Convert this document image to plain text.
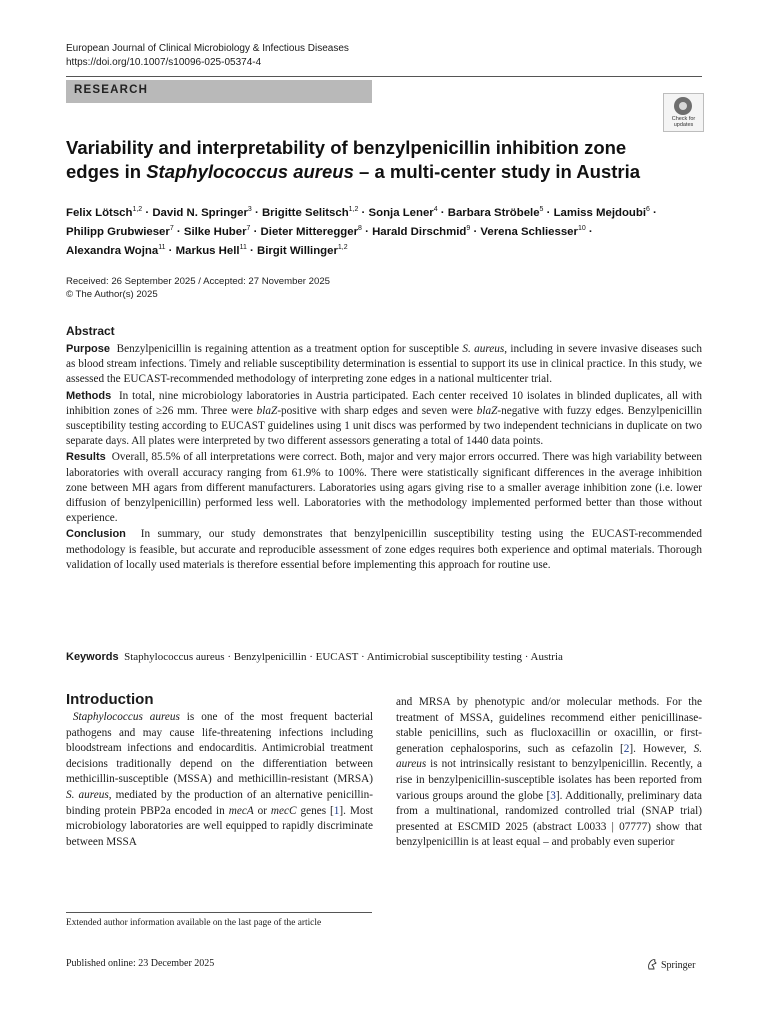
European Journal of Clinical Microbiology & Infectious Diseases
https://doi.org/10.1007/s10096-025-05374-4
RESEARCH
Check for
updates
Variability and interpretability of benzylpenicillin inhibition zone
edges in Staphylococcus aureus – a multi-center study in Austria
Felix Lötsch$^{1,2}$ · David N. Springer$^3$ · Brigitte Selitsch$^{1,2}$ · Sonja Lener$^4$ · Barbara Ströbele$^5$ · Lamiss Mejdoubi$^6$ ·
Philipp Grubwieser$^7$ · Silke Huber$^7$ · Dieter Mitteregger$^8$ · Harald Dirschmid$^9$ · Verena Schliesser$^{10}$ ·
Alexandra Wojna$^{11}$ · Markus Hell$^{11}$ · Birgit Willinger$^{1,2}$
Received: 26 September 2025 / Accepted: 27 November 2025
© The Author(s) 2025
Abstract

Purpose Benzylpenicillin is regaining attention as a treatment option for susceptible S. aureus, including in severe invasive diseases such as blood stream infections. Timely and reliable susceptibility determination is essential to support its use in clinical practice. In this study, we assessed the EUCAST-recommended methodology of interpreting zone edges in a national multicenter trial.

Methods In total, nine microbiology laboratories in Austria participated. Each center received 10 isolates in blinded duplicates, all with inhibition zones of ≥26 mm. Three were blaZ-positive with sharp edges and seven were blaZ-negative with fuzzy edges. Benzylpenicillin susceptibility testing according to EUCAST guidelines using 1 unit discs was performed by two independent technicians in duplicate on two separate days. All plates were interpreted by two different assessors generating a total of 1440 data points.

Results Overall, 85.5% of all interpretations were correct. Both, major and very major errors occurred. There was high variability between laboratories with overall accuracy ranging from 61.9% to 100%. There were statistically significant differences in the average inhibition zone between MH agars from different manufacturers. Laboratories using agars giving rise to a smaller average inhibition zone (i.e. lower diffusion of benzylpenicillin) performed less well. Laboratories with the methodology implemented performed better than those without experience.

Conclusion In summary, our study demonstrates that benzylpenicillin susceptibility testing using the EUCAST-recommended methodology is feasible, but accurate and reproducible assessment of zone edges requires both experience and optimal materials. Thorough validation of locally used materials is therefore essential before implementing this approach for routine use.

Keywords Staphylococcus aureus · Benzylpenicillin · EUCAST · Antimicrobial susceptibility testing · Austria
Introduction
Staphylococcus aureus is one of the most frequent bacterial pathogens and may cause life-threatening infections including bloodstream infections and endocarditis. Antimicrobial treatment decisions traditionally depend on the differentiation between methicillin-susceptible (MSSA) and methicillin-resistant (MRSA) S. aureus, mediated by the production of an alternative penicillin-binding protein PBP2a encoded in mecA or mecC genes [1]. Most microbiology laboratories are well equipped to rapidly discriminate between MSSA
and MRSA by phenotypic and/or molecular methods. For the treatment of MSSA, guidelines recommend either penicillinase-stable penicillins, such as flucloxacillin or oxacillin, or first-generation cephalosporins, such as cefazolin [2]. However, S. aureus is not intrinsically resistant to benzylpenicillin. Recently, a rise in benzylpenicillin-susceptible isolates has been reported from various groups around the globe [3]. Additionally, preliminary data from a multinational, randomized controlled trial (SNAP trial) presented at ESCMID 2025 (abstract L0033 | 07777) show that benzylpenicillin is at least equal – and probably even superior
Extended author information available on the last page of the article
Published online: 23 December 2025	Springer
